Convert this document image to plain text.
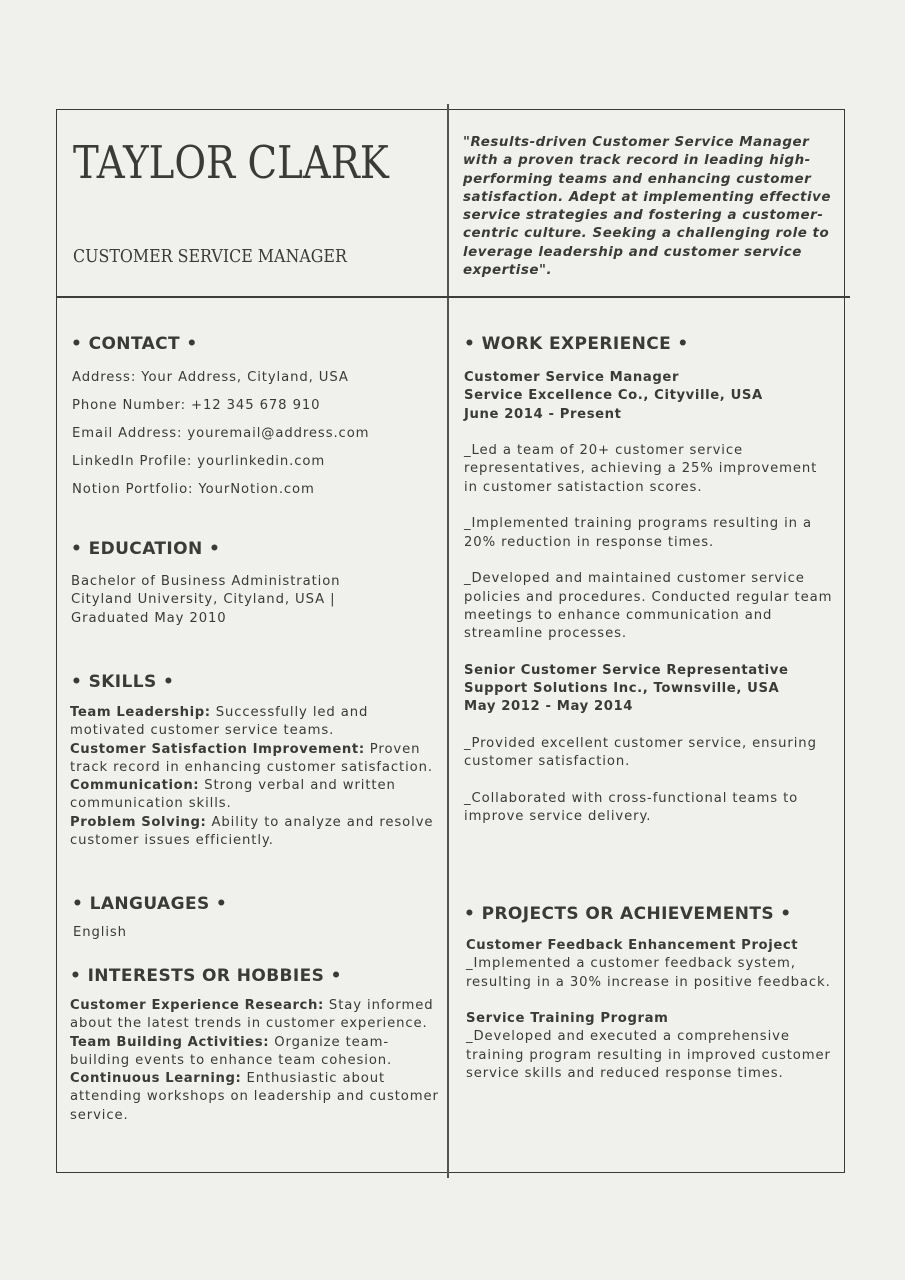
TAYLOR CLARK
CUSTOMER SERVICE MANAGER
"Results-driven Customer Service Manager with a proven track record in leading high-performing teams and enhancing customer satisfaction. Adept at implementing effective service strategies and fostering a customer-centric culture. Seeking a challenging role to leverage leadership and customer service expertise".
• CONTACT •
Address: Your Address, Cityland, USA
Phone Number: +12 345 678 910
Email Address: youremail@address.com
LinkedIn Profile: yourlinkedin.com
Notion Portfolio: YourNotion.com
• EDUCATION •
Bachelor of Business Administration
Cityland University, Cityland, USA |
Graduated May 2010
• SKILLS •
Team Leadership: Successfully led and motivated customer service teams.
Customer Satisfaction Improvement: Proven track record in enhancing customer satisfaction.
Communication: Strong verbal and written communication skills.
Problem Solving: Ability to analyze and resolve customer issues efficiently.
• LANGUAGES •
English
• INTERESTS OR HOBBIES •
Customer Experience Research: Stay informed about the latest trends in customer experience.
Team Building Activities: Organize team-building events to enhance team cohesion.
Continuous Learning: Enthusiastic about attending workshops on leadership and customer service.
• WORK EXPERIENCE •
Customer Service Manager
Service Excellence Co., Cityville, USA
June 2014 - Present
_Led a team of 20+ customer service representatives, achieving a 25% improvement in customer satistaction scores.
_Implemented training programs resulting in a 20% reduction in response times.
_Developed and maintained customer service policies and procedures. Conducted regular team meetings to enhance communication and streamline processes.
Senior Customer Service Representative
Support Solutions Inc., Townsville, USA
May 2012 - May 2014
_Provided excellent customer service, ensuring customer satisfaction.
_Collaborated with cross-functional teams to improve service delivery.
• PROJECTS OR ACHIEVEMENTS •
Customer Feedback Enhancement Project
_Implemented a customer feedback system, resulting in a 30% increase in positive feedback.
Service Training Program
_Developed and executed a comprehensive training program resulting in improved customer service skills and reduced response times.
